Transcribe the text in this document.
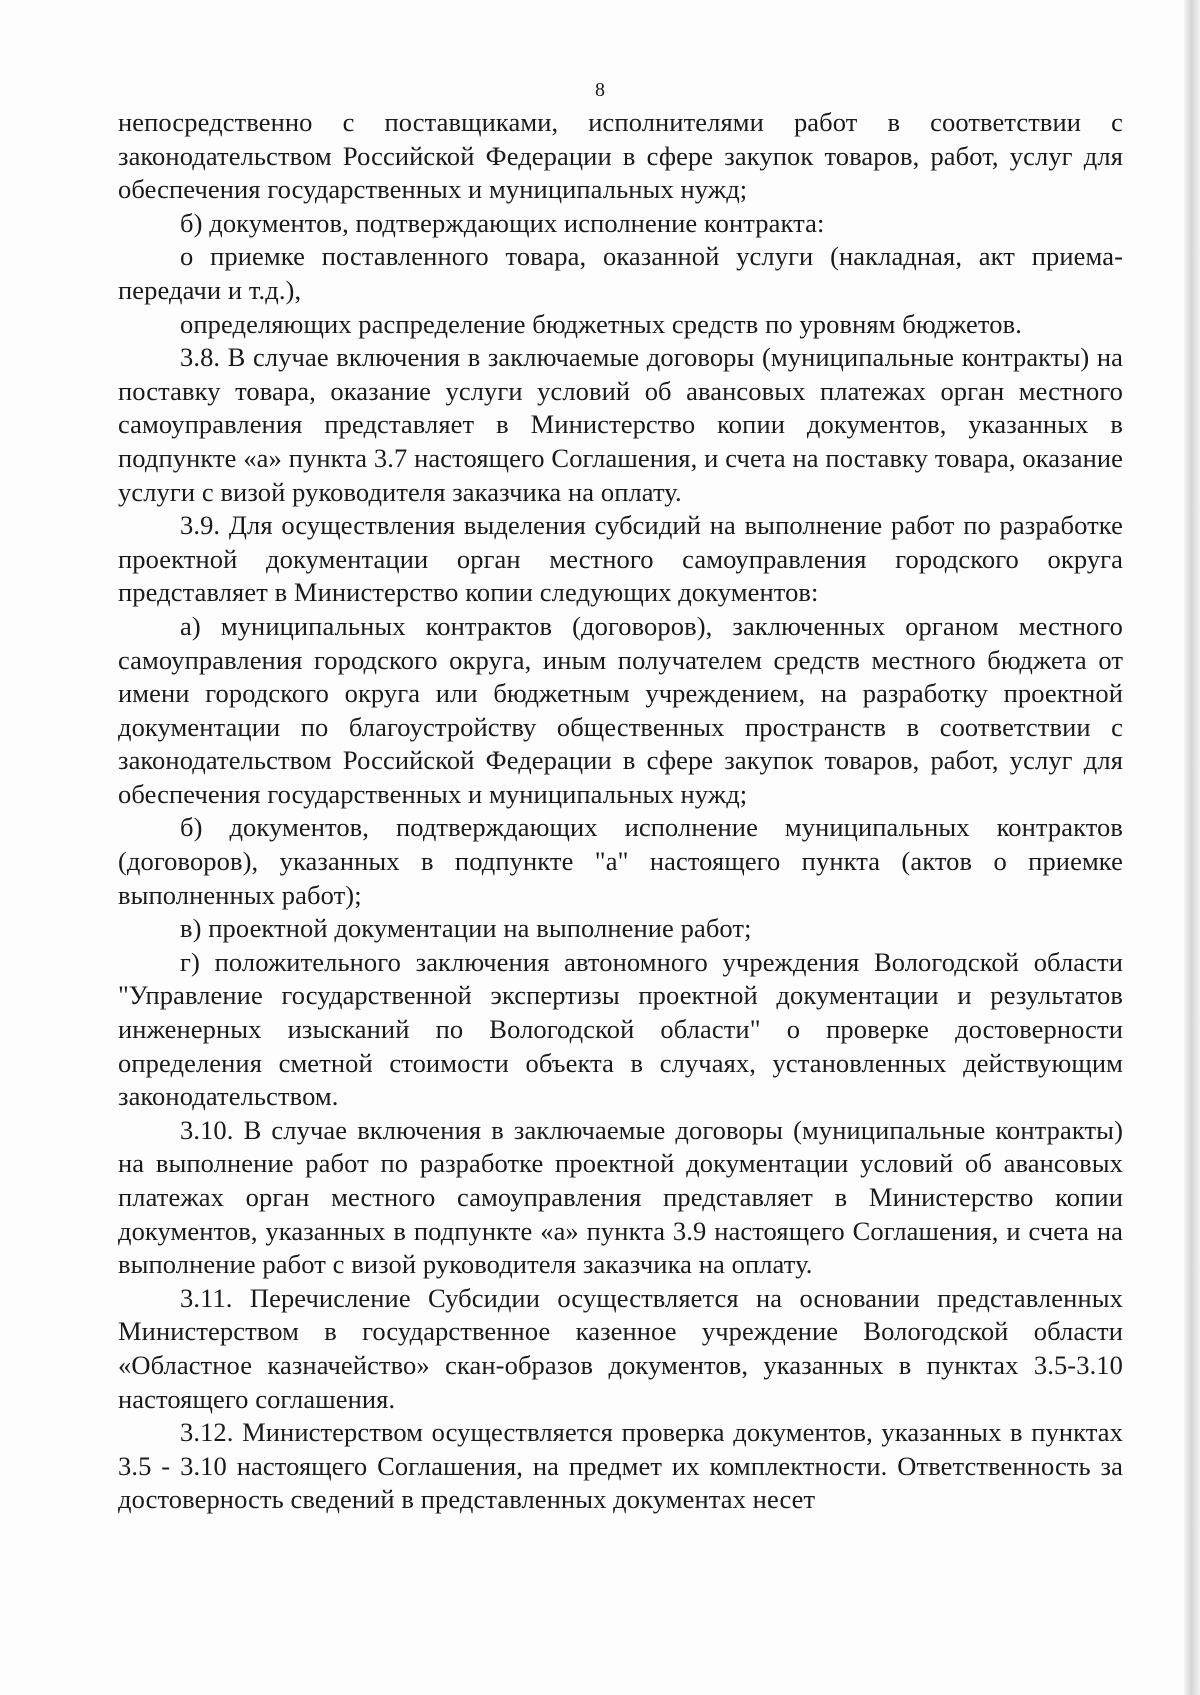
8

непосредственно с поставщиками, исполнителями работ в соответствии с законодательством Российской Федерации в сфере закупок товаров, работ, услуг для обеспечения государственных и муниципальных нужд;

б) документов, подтверждающих исполнение контракта:

о приемке поставленного товара, оказанной услуги (накладная, акт приема-передачи и т.д.),

определяющих распределение бюджетных средств по уровням бюджетов.

3.8. В случае включения в заключаемые договоры (муниципальные контракты) на поставку товара, оказание услуги условий об авансовых платежах орган местного самоуправления представляет в Министерство копии документов, указанных в подпункте «а» пункта 3.7 настоящего Соглашения, и счета на поставку товара, оказание услуги с визой руководителя заказчика на оплату.

3.9. Для осуществления выделения субсидий на выполнение работ по разработке проектной документации орган местного самоуправления городского округа представляет в Министерство копии следующих документов:

а) муниципальных контрактов (договоров), заключенных органом местного самоуправления городского округа, иным получателем средств местного бюджета от имени городского округа или бюджетным учреждением, на разработку проектной документации по благоустройству общественных пространств в соответствии с законодательством Российской Федерации в сфере закупок товаров, работ, услуг для обеспечения государственных и муниципальных нужд;

б) документов, подтверждающих исполнение муниципальных контрактов (договоров), указанных в подпункте "а" настоящего пункта (актов о приемке выполненных работ);

в) проектной документации на выполнение работ;

г) положительного заключения автономного учреждения Вологодской области "Управление государственной экспертизы проектной документации и результатов инженерных изысканий по Вологодской области" о проверке достоверности определения сметной стоимости объекта в случаях, установленных действующим законодательством.

3.10. В случае включения в заключаемые договоры (муниципальные контракты) на выполнение работ по разработке проектной документации условий об авансовых платежах орган местного самоуправления представляет в Министерство копии документов, указанных в подпункте «а» пункта 3.9 настоящего Соглашения, и счета на выполнение работ с визой руководителя заказчика на оплату.

3.11. Перечисление Субсидии осуществляется на основании представленных Министерством в государственное казенное учреждение Вологодской области «Областное казначейство» скан-образов документов, указанных в пунктах 3.5-3.10 настоящего соглашения.

3.12. Министерством осуществляется проверка документов, указанных в пунктах 3.5 - 3.10 настоящего Соглашения, на предмет их комплектности. Ответственность за достоверность сведений в представленных документах несет
